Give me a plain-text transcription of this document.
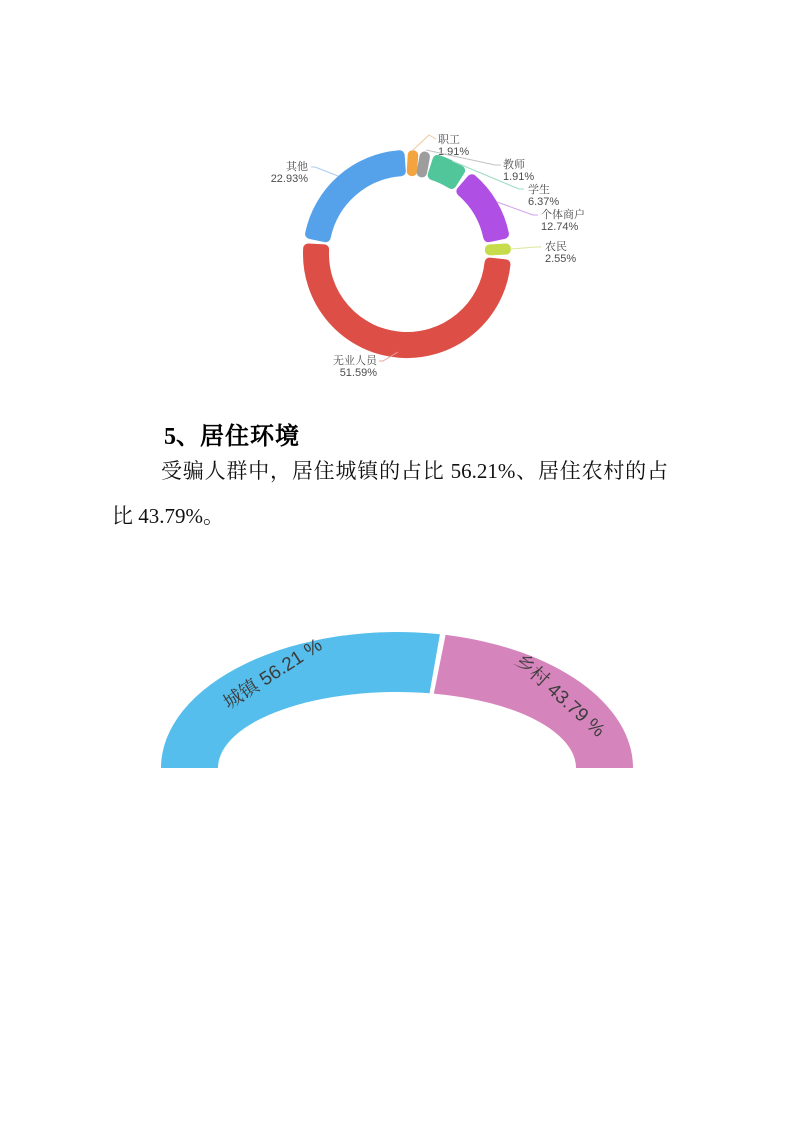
职工
1.91%
教师
1.91%
学生
6.37%
个体商户
12.74%
农民
2.55%
无业人员
51.59%
其他
22.93%
5、居住环境
受骗人群中，居住城镇的占比 56.21%、居住农村的占比 43.79%。
城镇 56.21 %	乡村 43.79 %
